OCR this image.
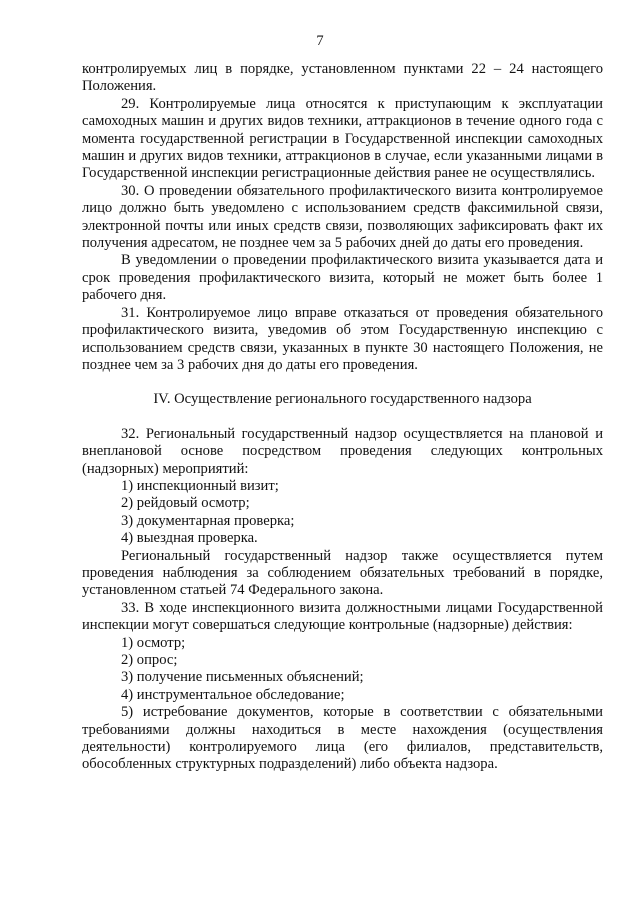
7

контролируемых лиц в порядке, установленном пунктами 22 – 24 настоящего Положения.

29. Контролируемые лица относятся к приступающим к эксплуатации самоходных машин и других видов техники, аттракционов в течение одного года с момента государственной регистрации в Государственной инспекции самоходных машин и других видов техники, аттракционов в случае, если указанными лицами в Государственной инспекции регистрационные действия ранее не осуществлялись.

30. О проведении обязательного профилактического визита контролируемое лицо должно быть уведомлено с использованием средств факсимильной связи, электронной почты или иных средств связи, позволяющих зафиксировать факт их получения адресатом, не позднее чем за 5 рабочих дней до даты его проведения.

В уведомлении о проведении профилактического визита указывается дата и срок проведения профилактического визита, который не может быть более 1 рабочего дня.

31. Контролируемое лицо вправе отказаться от проведения обязательного профилактического визита, уведомив об этом Государственную инспекцию с использованием средств связи, указанных в пункте 30 настоящего Положения, не позднее чем за 3 рабочих дня до даты его проведения.

IV. Осуществление регионального государственного надзора

32. Региональный государственный надзор осуществляется на плановой и внеплановой основе посредством проведения следующих контрольных (надзорных) мероприятий:

1) инспекционный визит;

2) рейдовый осмотр;

3) документарная проверка;

4) выездная проверка.

Региональный государственный надзор также осуществляется путем проведения наблюдения за соблюдением обязательных требований в порядке, установленном статьей 74 Федерального закона.

33. В ходе инспекционного визита должностными лицами Государственной инспекции могут совершаться следующие контрольные (надзорные) действия:

1) осмотр;

2) опрос;

3) получение письменных объяснений;

4) инструментальное обследование;

5) истребование документов, которые в соответствии с обязательными требованиями должны находиться в месте нахождения (осуществления деятельности) контролируемого лица (его филиалов, представительств, обособленных структурных подразделений) либо объекта надзора.
